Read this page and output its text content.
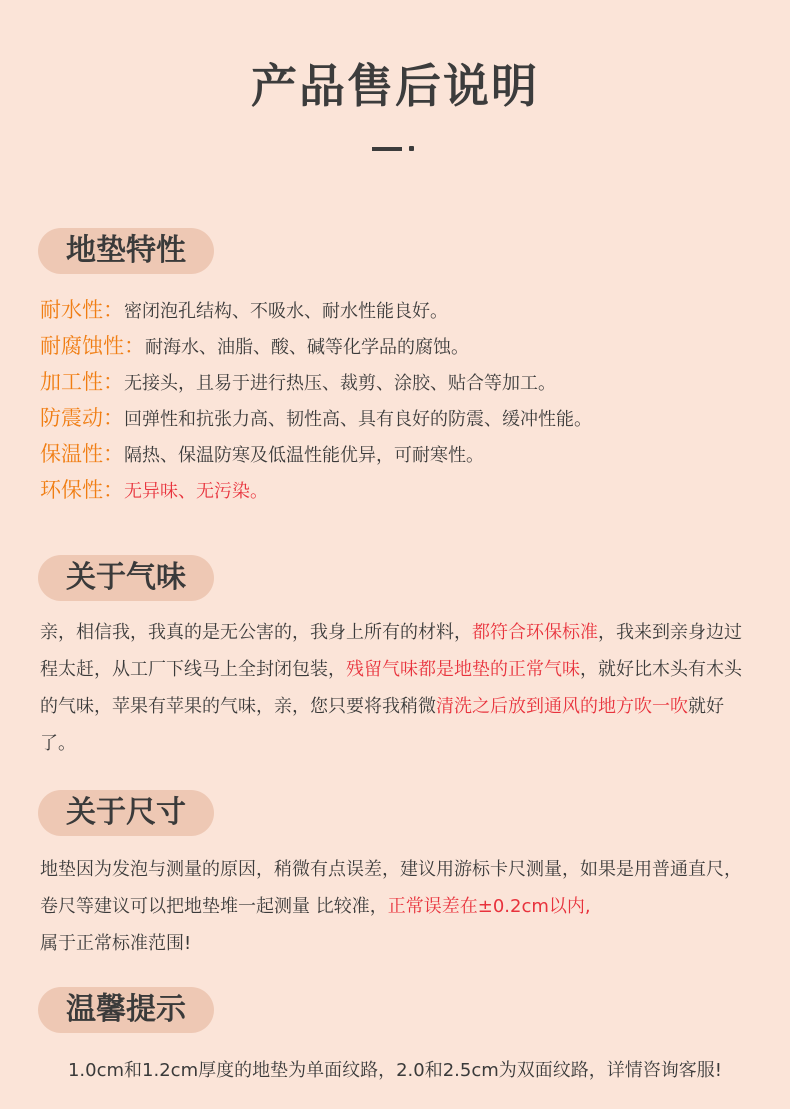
产品售后说明
地垫特性
耐水性：密闭泡孔结构、不吸水、耐水性能良好。
耐腐蚀性：耐海水、油脂、酸、碱等化学品的腐蚀。
加工性：无接头，且易于进行热压、裁剪、涂胶、贴合等加工。
防震动：回弹性和抗张力高、韧性高、具有良好的防震、缓冲性能。
保温性：隔热、保温防寒及低温性能优异，可耐寒性。
环保性：无异味、无污染。
关于气味
亲，相信我，我真的是无公害的，我身上所有的材料，都符合环保标准，我来到亲身边过程太赶，从工厂下线马上全封闭包装，残留气味都是地垫的正常气味，就好比木头有木头的气味，苹果有苹果的气味，亲，您只要将我稍微清洗之后放到通风的地方吹一吹就好了。
关于尺寸
地垫因为发泡与测量的原因，稍微有点误差，建议用游标卡尺测量，如果是用普通直尺，卷尺等建议可以把地垫堆一起测量 比较准，正常误差在±0.2cm以内,
属于正常标准范围!
温馨提示
1.0cm和1.2cm厚度的地垫为单面纹路，2.0和2.5cm为双面纹路，详情咨询客服!
